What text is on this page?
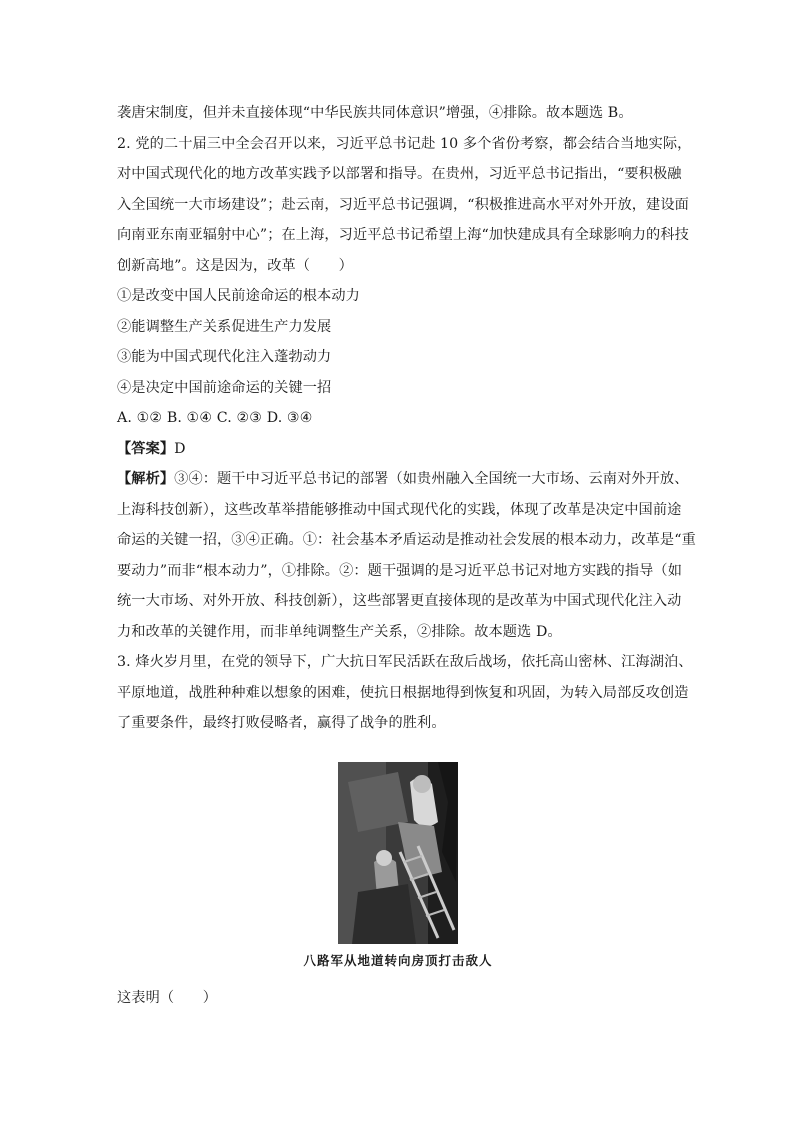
袭唐宋制度，但并未直接体现“中华民族共同体意识”增强，④排除。故本题选 B。

2. 党的二十届三中全会召开以来，习近平总书记赴 10 多个省份考察，都会结合当地实际，

对中国式现代化的地方改革实践予以部署和指导。在贵州，习近平总书记指出，“要积极融

入全国统一大市场建设”；赴云南，习近平总书记强调，“积极推进高水平对外开放，建设面

向南亚东南亚辐射中心”；在上海，习近平总书记希望上海“加快建成具有全球影响力的科技

创新高地”。这是因为，改革（　　）

①是改变中国人民前途命运的根本动力

②能调整生产关系促进生产力发展

③能为中国式现代化注入蓬勃动力

④是决定中国前途命运的关键一招

A. ①② B. ①④ C. ②③ D. ③④

【答案】D

【解析】③④：题干中习近平总书记的部署（如贵州融入全国统一大市场、云南对外开放、

上海科技创新），这些改革举措能够推动中国式现代化的实践，体现了改革是决定中国前途

命运的关键一招，③④正确。①：社会基本矛盾运动是推动社会发展的根本动力，改革是“重

要动力”而非“根本动力”，①排除。②：题干强调的是习近平总书记对地方实践的指导（如

统一大市场、对外开放、科技创新），这些部署更直接体现的是改革为中国式现代化注入动

力和改革的关键作用，而非单纯调整生产关系，②排除。故本题选 D。

3. 烽火岁月里，在党的领导下，广大抗日军民活跃在敌后战场，依托高山密林、江海湖泊、

平原地道，战胜种种难以想象的困难，使抗日根据地得到恢复和巩固，为转入局部反攻创造

了重要条件，最终打败侵略者，赢得了战争的胜利。

八路军从地道转向房顶打击敌人

这表明（　　）
